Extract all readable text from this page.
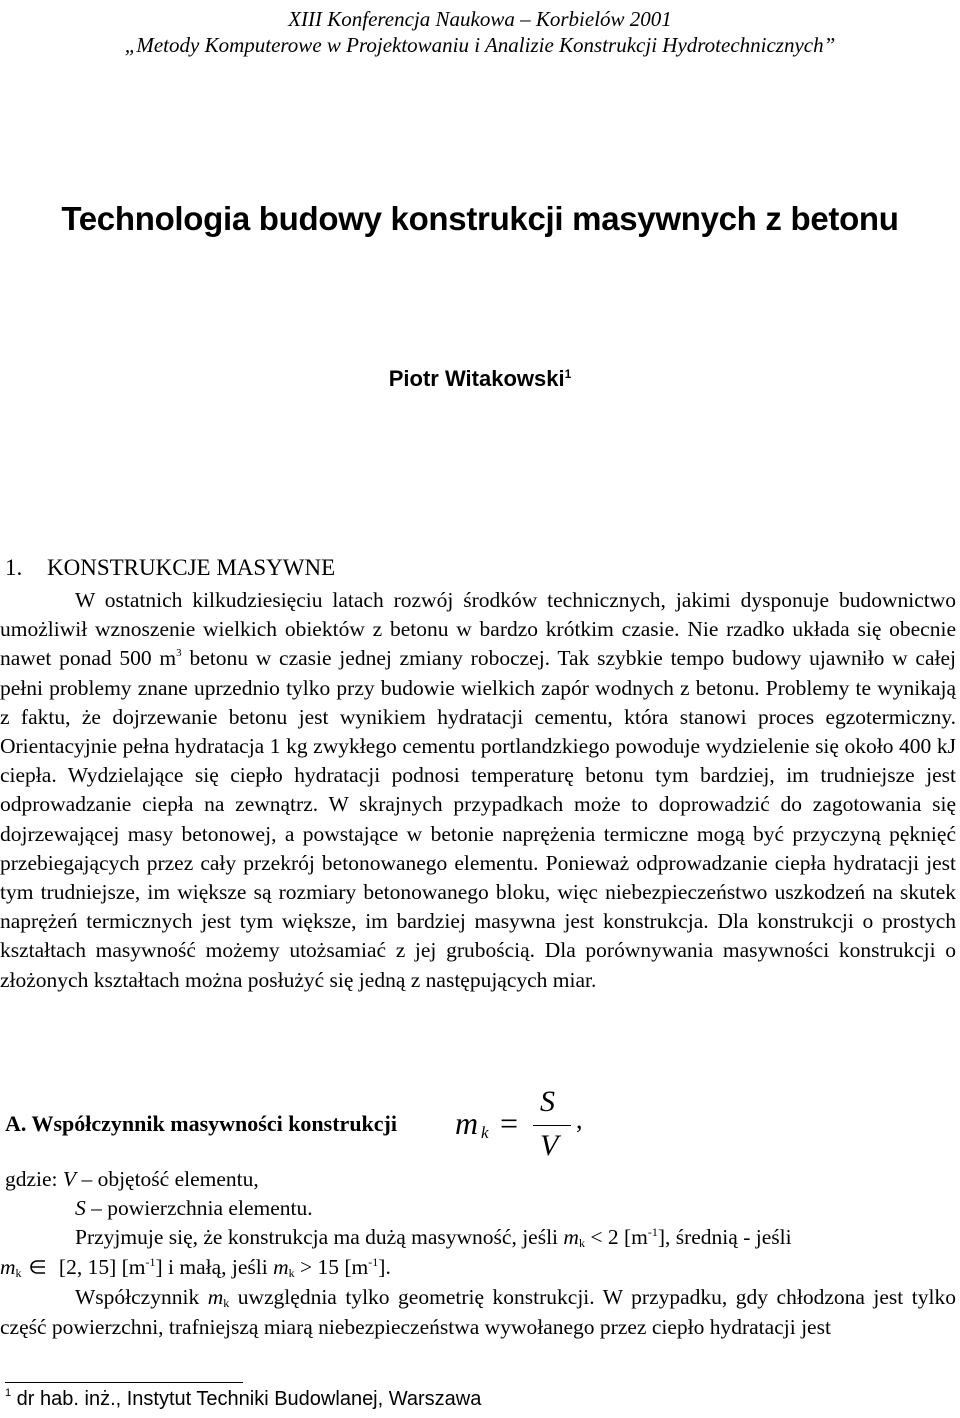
XIII Konferencja Naukowa – Korbielów 2001
„Metody Komputerowe w Projektowaniu i Analizie Konstrukcji Hydrotechnicznych”
Technologia budowy konstrukcji masywnych z betonu
Piotr Witakowski$^1$
1. KONSTRUKCJE MASYWNE

W ostatnich kilkudziesięciu latach rozwój środków technicznych, jakimi dysponuje budownictwo umożliwił wznoszenie wielkich obiektów z betonu w bardzo krótkim czasie. Nie rzadko układa się obecnie nawet ponad 500 $m^3$ betonu w czasie jednej zmiany roboczej. Tak szybkie tempo budowy ujawniło w całej pełni problemy znane uprzednio tylko przy budowie wielkich zapór wodnych z betonu. Problemy te wynikają z faktu, że dojrzewanie betonu jest wynikiem hydratacji cementu, która stanowi proces egzotermiczny. Orientacyjnie pełna hydratacja 1 kg zwykłego cementu portlandzkiego powoduje wydzielenie się około 400 kJ ciepła. Wydzielające się ciepło hydratacji podnosi temperaturę betonu tym bardziej, im trudniejsze jest odprowadzanie ciepła na zewnątrz. W skrajnych przypadkach może to doprowadzić do zagotowania się dojrzewającej masy betonowej, a powstające w betonie naprężenia termiczne mogą być przyczyną pęknięć przebiegających przez cały przekrój betonowanego elementu. Ponieważ odprowadzanie ciepła hydratacji jest tym trudniejsze, im większe są rozmiary betonowanego bloku, więc niebezpieczeństwo uszkodzeń na skutek naprężeń termicznych jest tym większe, im bardziej masywna jest konstrukcja. Dla konstrukcji o prostych kształtach masywność możemy utożsamiać z jej grubością. Dla porównywania masywności konstrukcji o złożonych kształtach można posłużyć się jedną z następujących miar.

A. Współczynnik masywności konstrukcji m k =
S
V
,
gdzie: V – objętość elementu,
S – powierzchnia elementu.

Przyjmuje się, że konstrukcja ma dużą masywność, jeśli $m_k < 2$ $[m^{-1}]$, średnią - jeśli

$m_k$ [2, 15] $[m^{-1}]$ i małą, jeśli $m_k > 15$ $[m^{-1}]$.

Współczynnik $m_k$ uwzględnia tylko geometrię konstrukcji. W przypadku, gdy chłodzona jest tylko część powierzchni, trafniejszą miarą niebezpieczeństwa wywołanego przez ciepło hydratacji jest

$^1$ dr hab. inż., Instytut Techniki Budowlanej, Warszawa
